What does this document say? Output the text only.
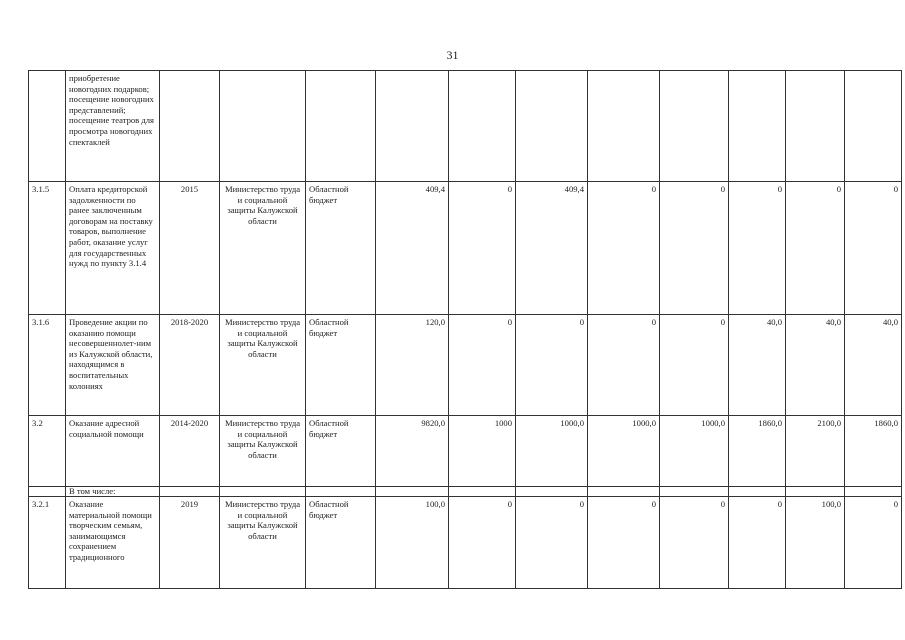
31
	приобретение новогодних подарков; посещение новогодних представлений; посещение театров для просмотра новогодних спектаклей											
3.1.5	Оплата кредиторской задолженности по ранее заключенным договорам на поставку товаров, выполнение работ, оказание услуг для государственных нужд по пункту 3.1.4	2015	Министерство труда и социальной защиты Калужской области	Областной бюджет	409,4	0	409,4	0	0	0	0	0
3.1.6	Проведение акции по оказанию помощи несовершеннолет-ним из Калужской области, находящимся в воспитательных колониях	2018-2020	Министерство труда и социальной защиты Калужской области	Областной бюджет	120,0	0	0	0	0	40,0	40,0	40,0
3.2	Оказание адресной социальной помощи	2014-2020	Министерство труда и социальной защиты Калужской области	Областной бюджет	9820,0	1000	1000,0	1000,0	1000,0	1860,0	2100,0	1860,0
	В том числе:											
3.2.1	Оказание материальной помощи творческим семьям, занимающимся сохранением традиционного	2019	Министерство труда и социальной защиты Калужской области	Областной бюджет	100,0	0	0	0	0	0	100,0	0
